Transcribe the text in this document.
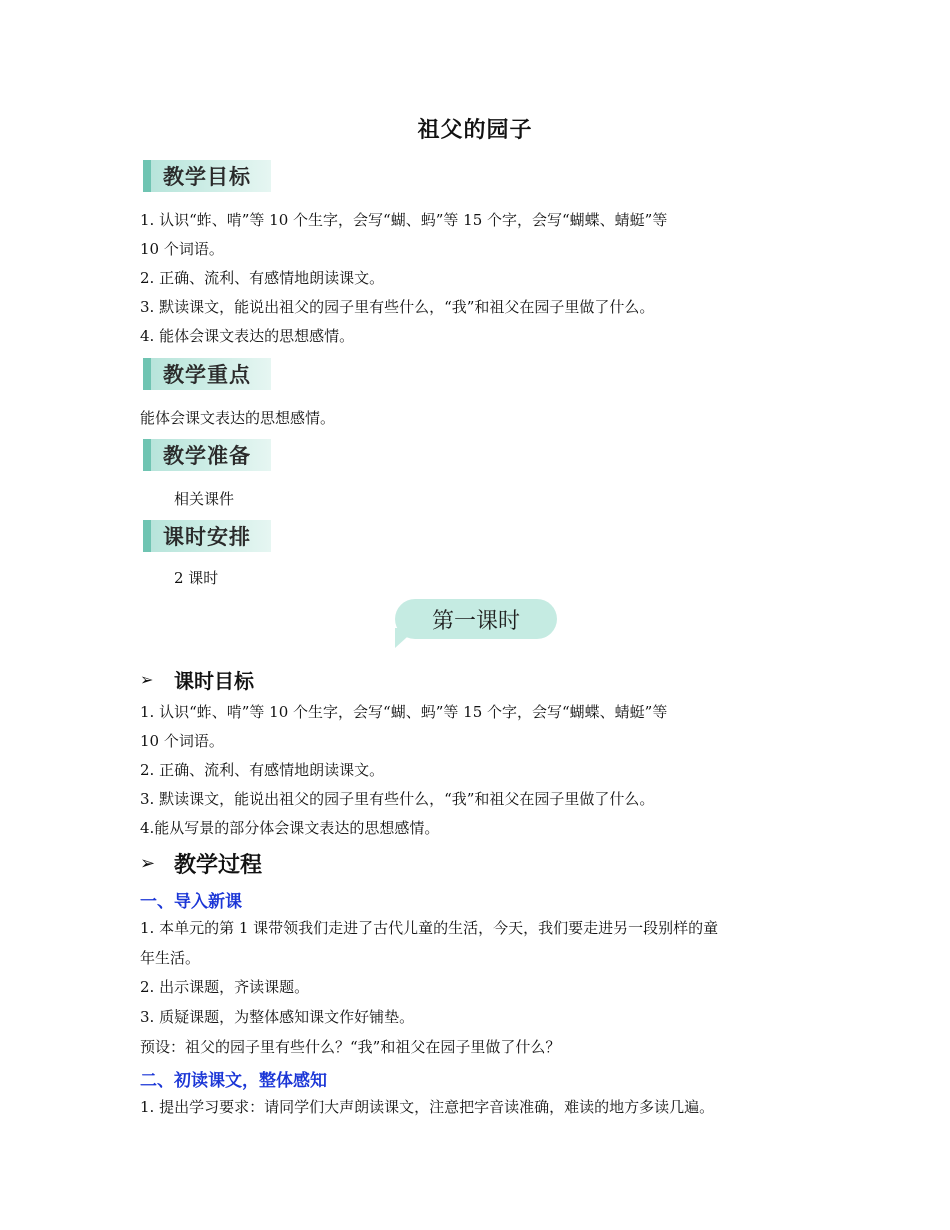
祖父的园子
教学目标
1. 认识“蚱、啃”等 10 个生字，会写“蝴、蚂”等 15 个字，会写“蝴蝶、蜻蜓”等
10 个词语。
2. 正确、流利、有感情地朗读课文。
3. 默读课文，能说出祖父的园子里有些什么，“我”和祖父在园子里做了什么。
4. 能体会课文表达的思想感情。
教学重点
能体会课文表达的思想感情。
教学准备
相关课件
课时安排
2 课时
第一课时
➢	课时目标
1. 认识“蚱、啃”等 10 个生字，会写“蝴、蚂”等 15 个字，会写“蝴蝶、蜻蜓”等
10 个词语。
2. 正确、流利、有感情地朗读课文。
3. 默读课文，能说出祖父的园子里有些什么，“我”和祖父在园子里做了什么。
4.能从写景的部分体会课文表达的思想感情。
➢ 教学过程
一、导入新课
1. 本单元的第 1 课带领我们走进了古代儿童的生活，今天，我们要走进另一段别样的童
年生活。
2. 出示课题，齐读课题。
3. 质疑课题，为整体感知课文作好铺垫。
预设：祖父的园子里有些什么？“我”和祖父在园子里做了什么？
二、初读课文，整体感知
1. 提出学习要求：请同学们大声朗读课文，注意把字音读准确，难读的地方多读几遍。
